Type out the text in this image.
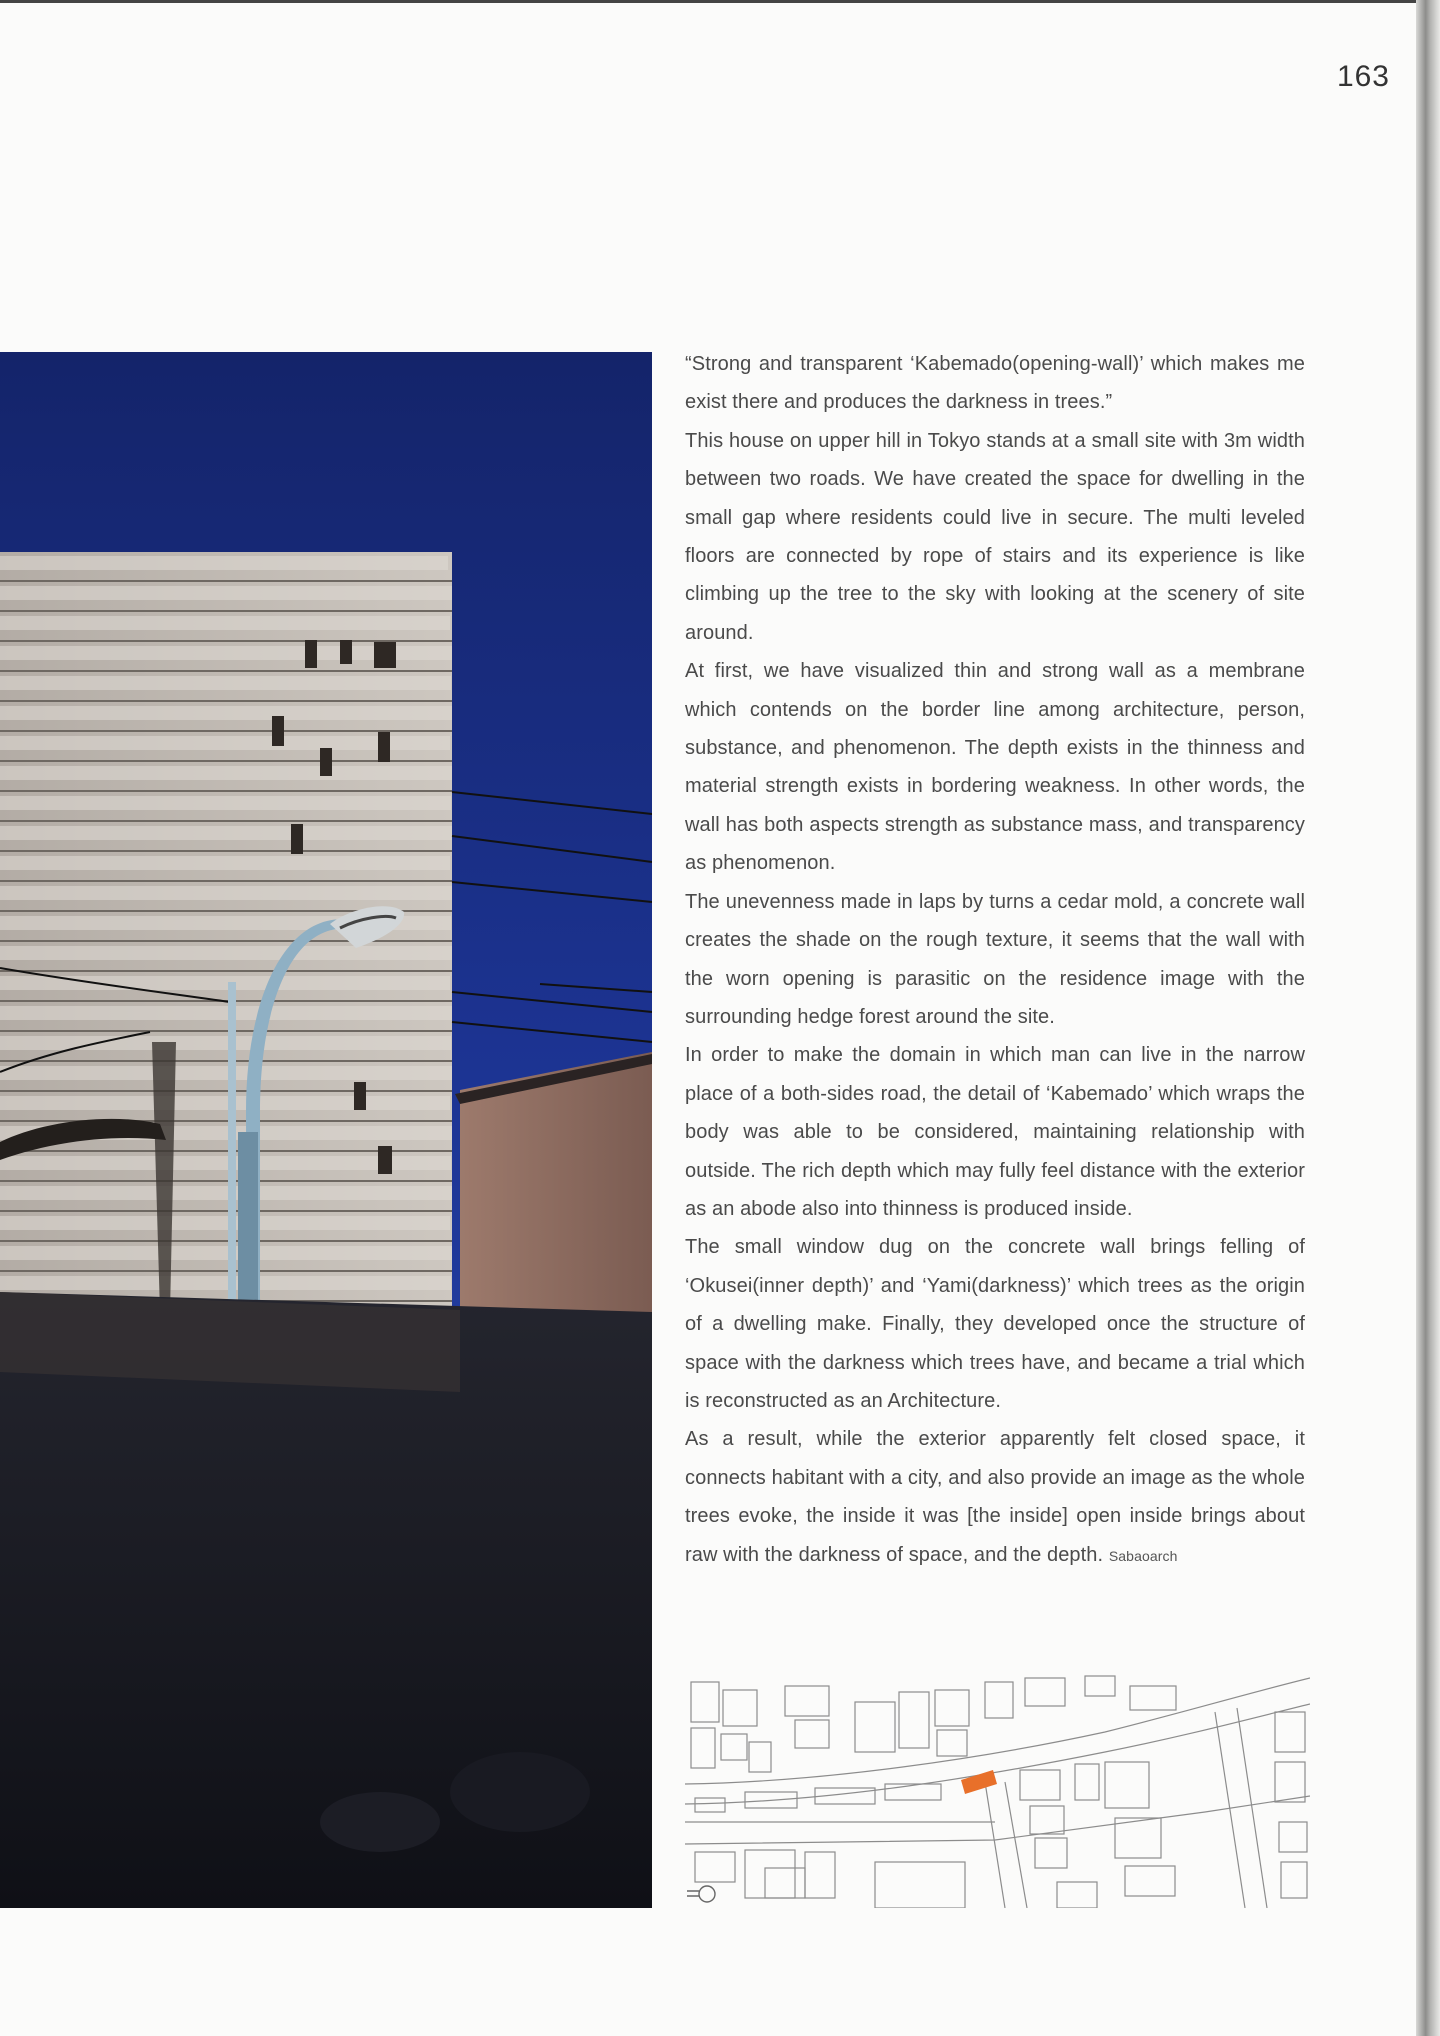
163

“Strong and transparent ‘Kabemado(opening-wall)’ which makes me exist there and produces the darkness in trees.”

This house on upper hill in Tokyo stands at a small site with 3m width between two roads. We have created the space for dwelling in the small gap where residents could live in secure. The multi leveled floors are connected by rope of stairs and its experience is like climbing up the tree to the sky with looking at the scenery of site around.

At first, we have visualized thin and strong wall as a membrane which contends on the border line among architecture, person, substance, and phenomenon. The depth exists in the thinness and material strength exists in bordering weakness. In other words, the wall has both aspects strength as substance mass, and transparency as phenomenon.

The unevenness made in laps by turns a cedar mold, a concrete wall creates the shade on the rough texture, it seems that the wall with the worn opening is parasitic on the residence image with the surrounding hedge forest around the site.

In order to make the domain in which man can live in the narrow place of a both-sides road, the detail of ‘Kabemado’ which wraps the body was able to be considered, maintaining relationship with outside. The rich depth which may fully feel distance with the exterior as an abode also into thinness is produced inside.

The small window dug on the concrete wall brings felling of ‘Okusei(inner depth)’ and ‘Yami(darkness)’ which trees as the origin of a dwelling make. Finally, they developed once the structure of space with the darkness which trees have, and became a trial which is reconstructed as an Architecture.

As a result, while the exterior apparently felt closed space, it connects habitant with a city, and also provide an image as the whole trees evoke, the inside it was [the inside] open inside brings about raw with the darkness of space, and the depth. Sabaoarch
